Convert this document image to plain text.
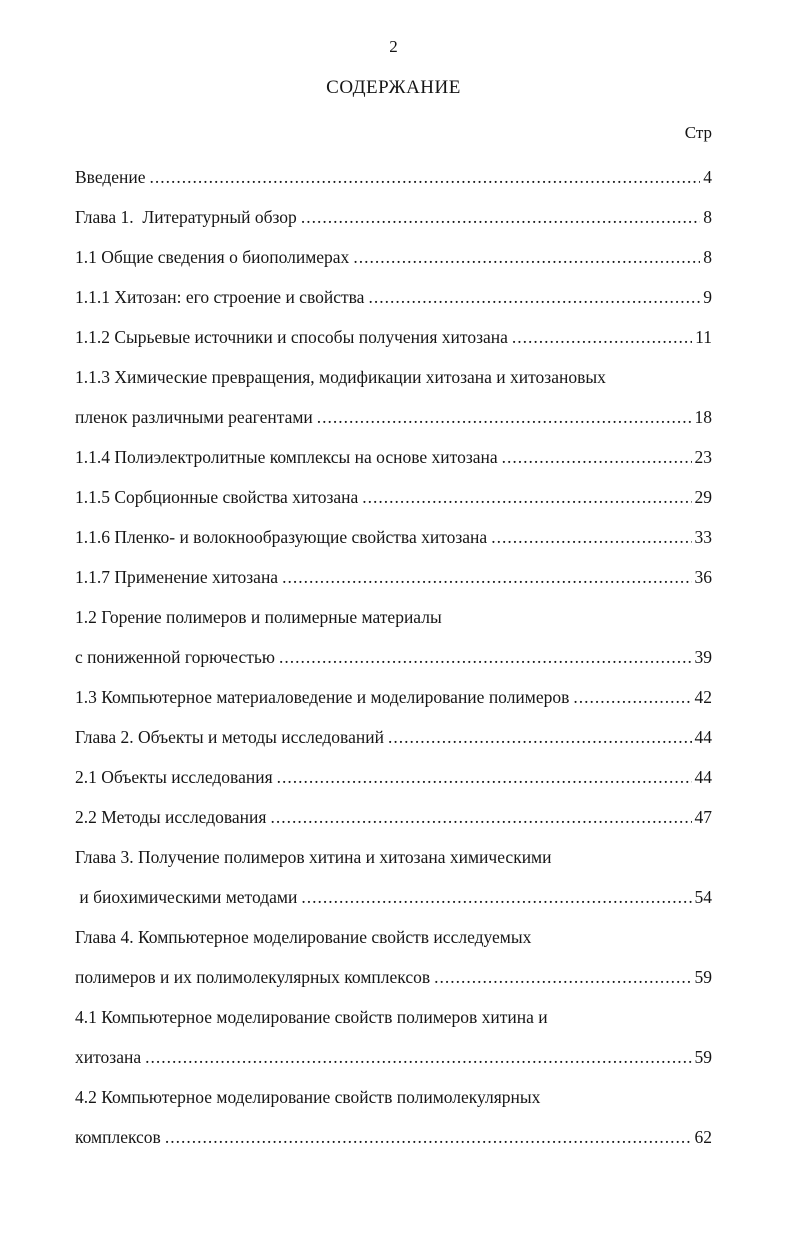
2
СОДЕРЖАНИЕ
Стр
Введение .....	4
Глава 1.  Литературный обзор .....	8
1.1 Общие сведения о биополимерах .....	8
1.1.1 Хитозан: его строение и свойства .....	9
1.1.2 Сырьевые источники и способы получения хитозана .....	11
1.1.3 Химические превращения, модификации хитозана и хитозановых
пленок различными реагентами .....	18
1.1.4 Полиэлектролитные комплексы на основе хитозана .....	23
1.1.5 Сорбционные свойства хитозана .....	29
1.1.6 Пленко- и волокнообразующие свойства хитозана .....	33
1.1.7 Применение хитозана .....	36
1.2 Горение полимеров и полимерные материалы
с пониженной горючестью .....	39
1.3 Компьютерное материаловедение и моделирование полимеров .....	42
Глава 2. Объекты и методы исследований .....	44
2.1 Объекты исследования .....	44
2.2 Методы исследования .....	47
Глава 3. Получение полимеров хитина и хитозана химическими
и биохимическими методами .....	54
Глава 4. Компьютерное моделирование свойств исследуемых
полимеров и их полимолекулярных комплексов .....	59
4.1 Компьютерное моделирование свойств полимеров хитина и
хитозана .....	59
4.2 Компьютерное моделирование свойств полимолекулярных
комплексов .....	62
